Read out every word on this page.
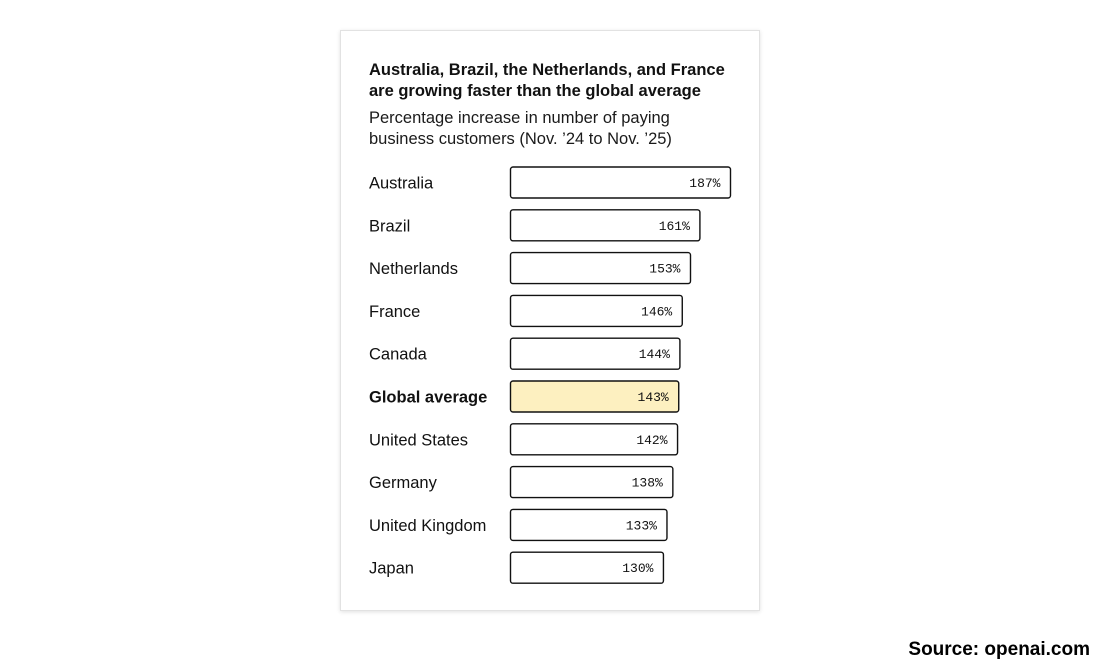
Australia, Brazil, the Netherlands, and France are growing faster than the global average

Percentage increase in number of paying business customers (Nov. ’24 to Nov. ’25)

Australia	187%
Brazil	161%
Netherlands	153%
France	146%
Canada	144%
Global average	143%
United States	142%
Germany	138%
United Kingdom	133%
Japan	130%

Source: openai.com
